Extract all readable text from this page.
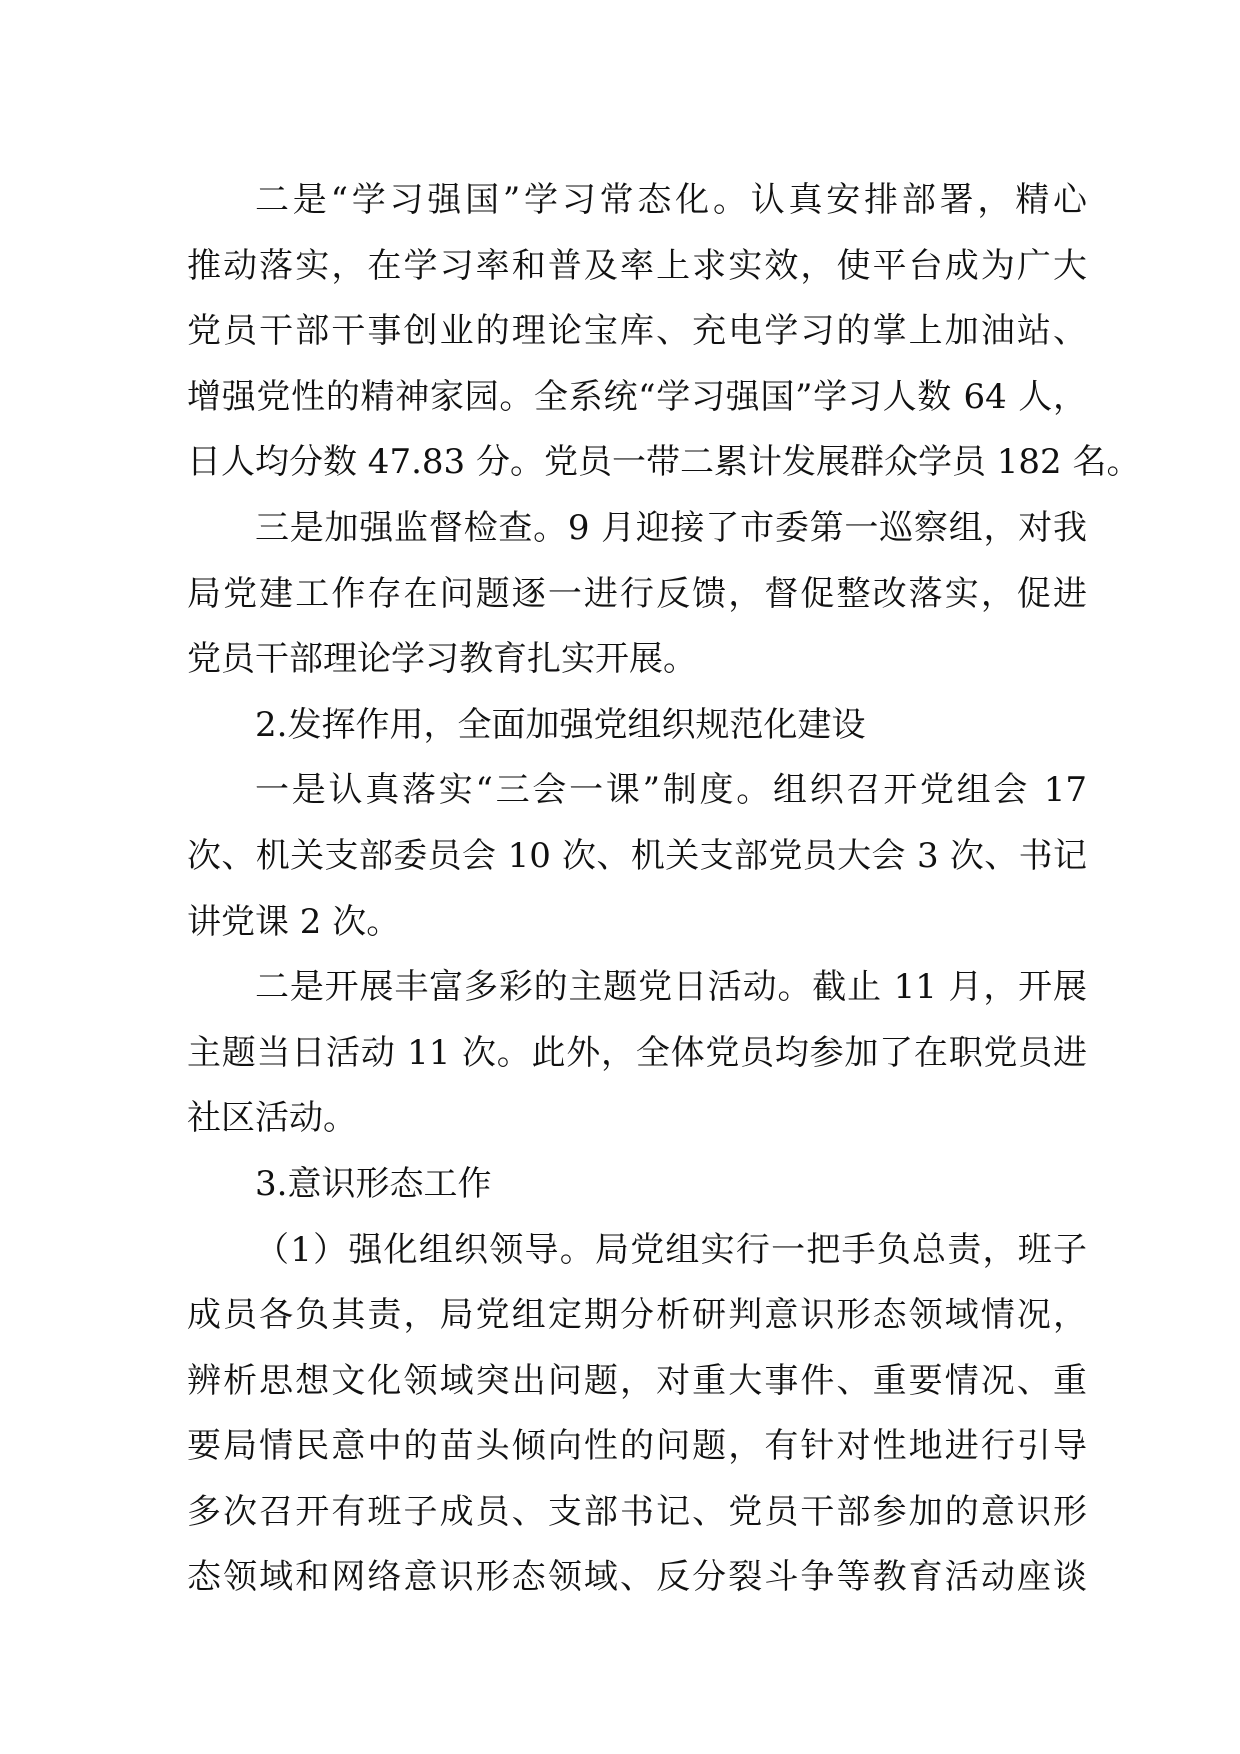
二是“学习强国”学习常态化。认真安排部署，精心
推动落实，在学习率和普及率上求实效，使平台成为广大
党员干部干事创业的理论宝库、充电学习的掌上加油站、
增强党性的精神家园。全系统“学习强国”学习人数 64 人，
日人均分数 47.83 分。党员一带二累计发展群众学员 182 名。
三是加强监督检查。9 月迎接了市委第一巡察组，对我
局党建工作存在问题逐一进行反馈，督促整改落实，促进
党员干部理论学习教育扎实开展。
2.发挥作用，全面加强党组织规范化建设
一是认真落实“三会一课”制度。组织召开党组会 17
次、机关支部委员会 10 次、机关支部党员大会 3 次、书记
讲党课 2 次。
二是开展丰富多彩的主题党日活动。截止 11 月，开展
主题当日活动 11 次。此外，全体党员均参加了在职党员进
社区活动。
3.意识形态工作
（1）强化组织领导。局党组实行一把手负总责，班子
成员各负其责，局党组定期分析研判意识形态领域情况，
辨析思想文化领域突出问题，对重大事件、重要情况、重
要局情民意中的苗头倾向性的问题，有针对性地进行引导
多次召开有班子成员、支部书记、党员干部参加的意识形
态领域和网络意识形态领域、反分裂斗争等教育活动座谈
